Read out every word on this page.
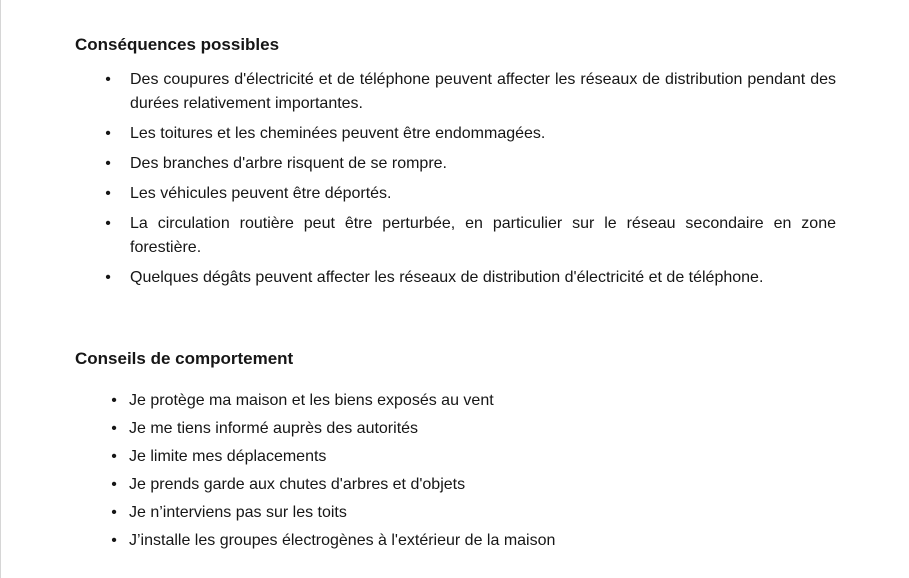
Conséquences possibles
• Des coupures d'électricité et de téléphone peuvent affecter les réseaux de distribution pendant des durées relativement importantes.
• Les toitures et les cheminées peuvent être endommagées.
• Des branches d'arbre risquent de se rompre.
• Les véhicules peuvent être déportés.
• La circulation routière peut être perturbée, en particulier sur le réseau secondaire en zone forestière.
• Quelques dégâts peuvent affecter les réseaux de distribution d'électricité et de téléphone.
Conseils de comportement
• Je protège ma maison et les biens exposés au vent
• Je me tiens informé auprès des autorités
• Je limite mes déplacements
• Je prends garde aux chutes d'arbres et d'objets
• Je n’interviens pas sur les toits
• J’installe les groupes électrogènes à l'extérieur de la maison
